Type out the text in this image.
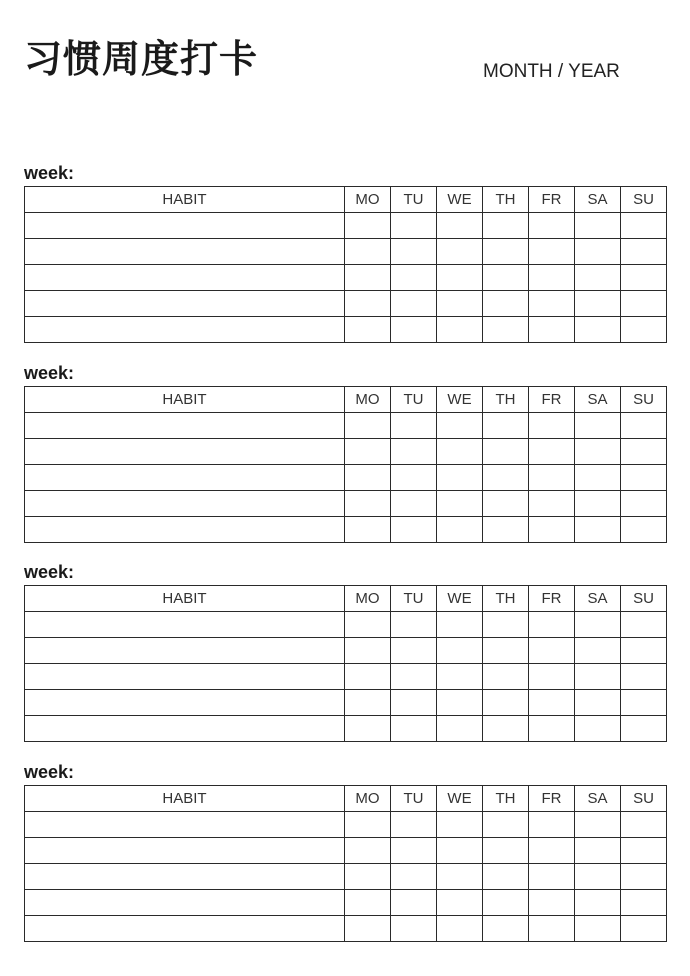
习惯周度打卡	MONTH / YEAR
week:
HABIT	MO	TU	WE	TH	FR	SA	SU

week:
HABIT	MO	TU	WE	TH	FR	SA	SU

week:
HABIT	MO	TU	WE	TH	FR	SA	SU

week:
HABIT	MO	TU	WE	TH	FR	SA	SU
